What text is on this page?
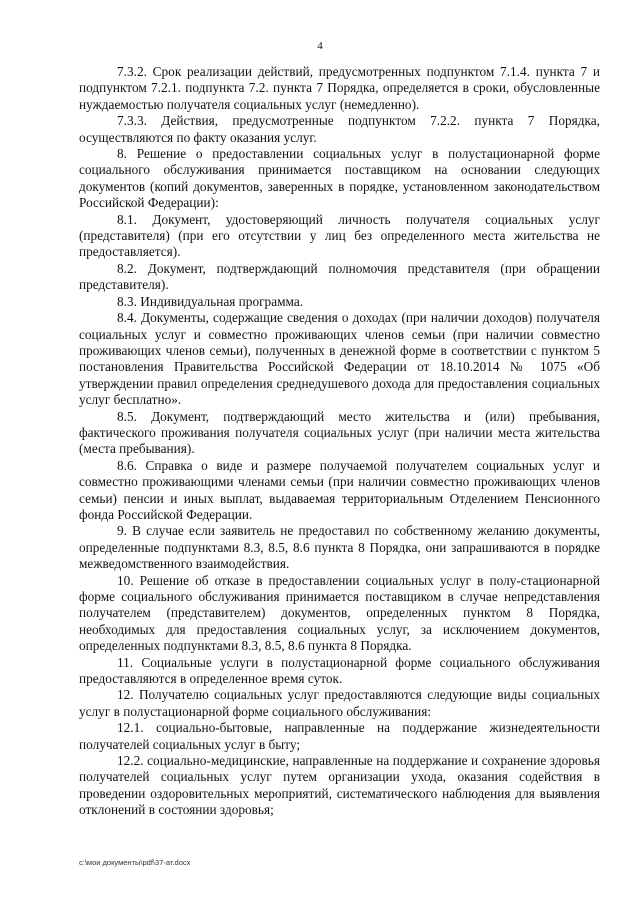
4

7.3.2. Срок реализации действий, предусмотренных подпунктом 7.1.4. пункта 7 и подпунктом 7.2.1. подпункта 7.2. пункта 7 Порядка, определяется в сроки, обусловленные нуждаемостью получателя социальных услуг (немедленно).

7.3.3. Действия, предусмотренные подпунктом 7.2.2. пункта 7 Порядка, осуществляются по факту оказания услуг.

8. Решение о предоставлении социальных услуг в полустационарной форме социального обслуживания принимается поставщиком на основании следующих документов (копий документов, заверенных в порядке, установленном законодательством Российской Федерации):

8.1. Документ, удостоверяющий личность получателя социальных услуг (представителя) (при его отсутствии у лиц без определенного места жительства не предоставляется).

8.2. Документ, подтверждающий полномочия представителя (при обращении представителя).

8.3. Индивидуальная программа.

8.4. Документы, содержащие сведения о доходах (при наличии доходов) получателя социальных услуг и совместно проживающих членов семьи (при наличии совместно проживающих членов семьи), полученных в денежной форме в соответствии с пунктом 5 постановления Правительства Российской Федерации от 18.10.2014 № 1075 «Об утверждении правил определения среднедушевого дохода для предоставления социальных услуг бесплатно».

8.5. Документ, подтверждающий место жительства и (или) пребывания, фактического проживания получателя социальных услуг (при наличии места жительства (места пребывания).

8.6. Справка о виде и размере получаемой получателем социальных услуг и совместно проживающими членами семьи (при наличии совместно проживающих членов семьи) пенсии и иных выплат, выдаваемая территориальным Отделением Пенсионного фонда Российской Федерации.

9. В случае если заявитель не предоставил по собственному желанию документы, определенные подпунктами 8.3, 8.5, 8.6 пункта 8 Порядка, они запрашиваются в порядке межведомственного взаимодействия.

10. Решение об отказе в предоставлении социальных услуг в полу-стационарной форме социального обслуживания принимается поставщиком в случае непредставления получателем (представителем) документов, определенных пунктом 8 Порядка, необходимых для предоставления социальных услуг, за исключением документов, определенных подпунктами 8.3, 8.5, 8.6 пункта 8 Порядка.

11. Социальные услуги в полустационарной форме социального обслуживания предоставляются в определенное время суток.

12. Получателю социальных услуг предоставляются следующие виды социальных услуг в полустационарной форме социального обслуживания:

12.1. социально-бытовые, направленные на поддержание жизнедеятельности получателей социальных услуг в быту;

12.2. социально-медицинские, направленные на поддержание и сохранение здоровья получателей социальных услуг путем организации ухода, оказания содействия в проведении оздоровительных мероприятий, систематического наблюдения для выявления отклонений в состоянии здоровья;

c:\мои документы\pdf\37-ат.docx
